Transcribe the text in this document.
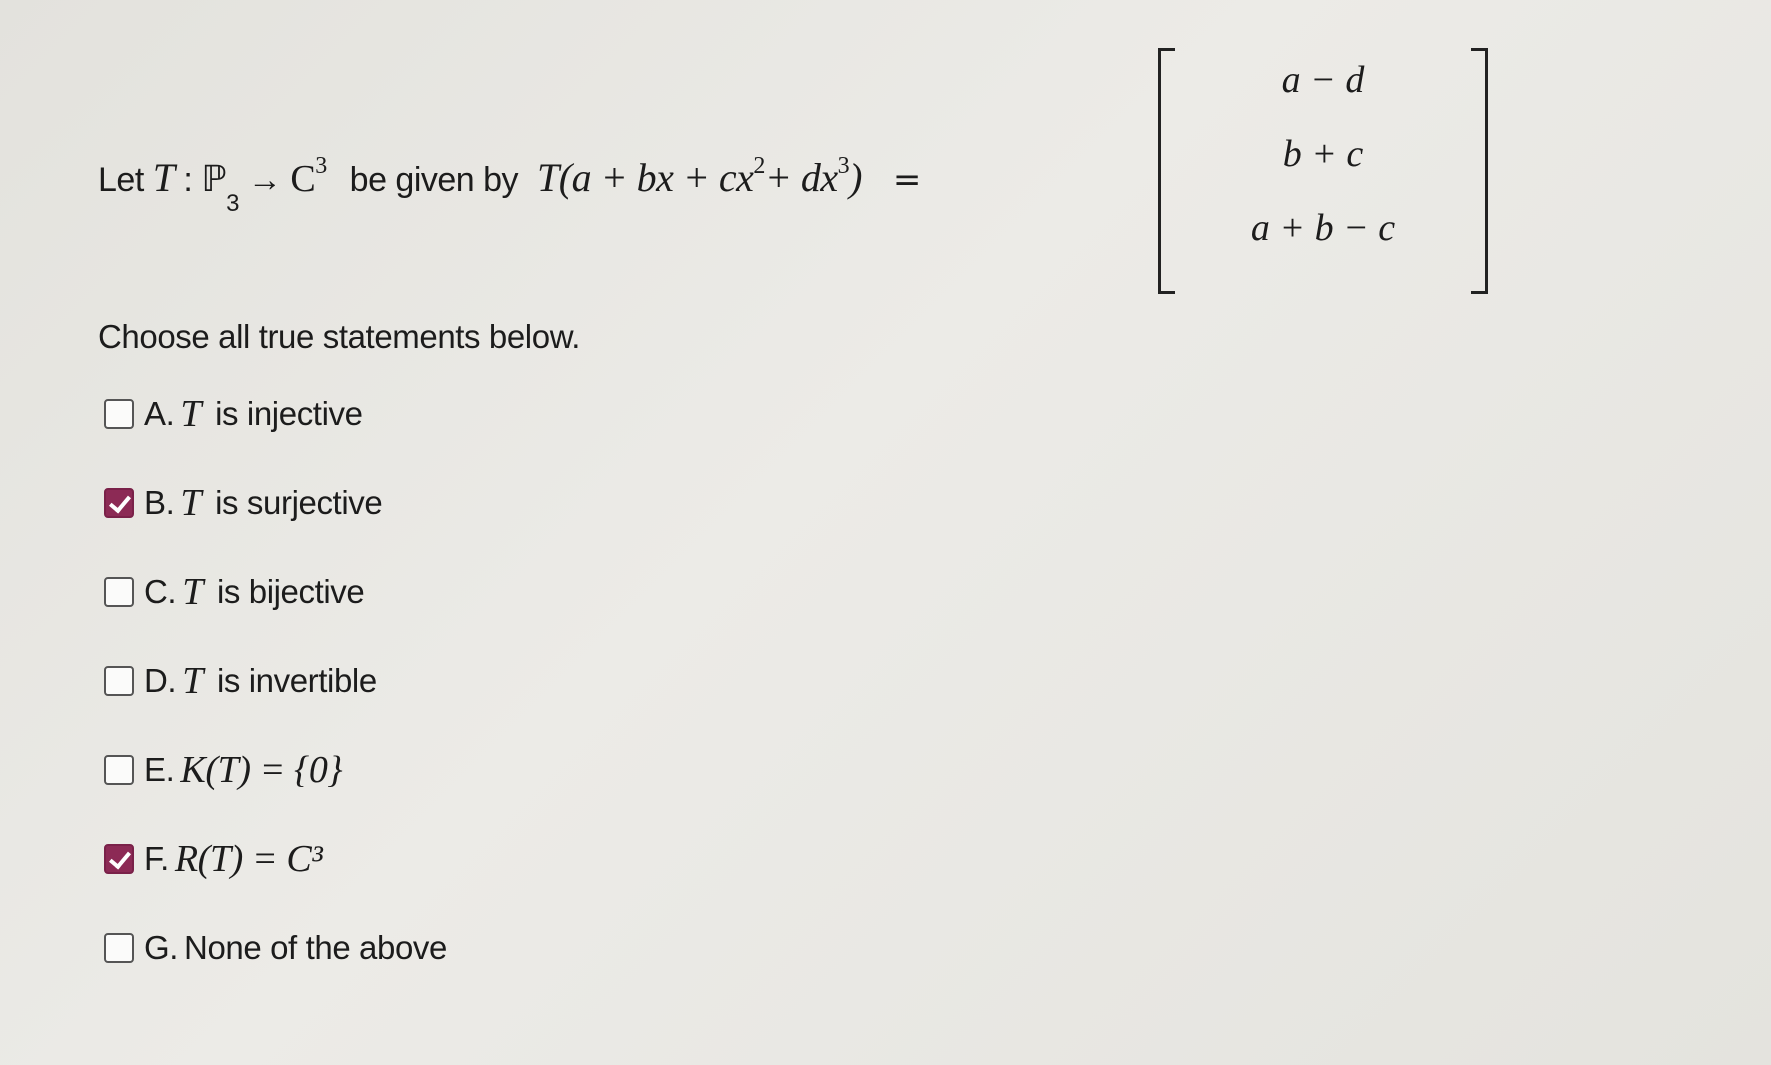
Let T : ℙ$_3$ → $C^3$ be given by T(a + bx + $cx^2+ dx^3$) =
a − d
b + c
a + b − c
Choose all true statements below.
A. T is injective
B. T is surjective
C. T is bijective
D. T is invertible
E. K(T) = {0}
F. R(T) = C³
G. None of the above
